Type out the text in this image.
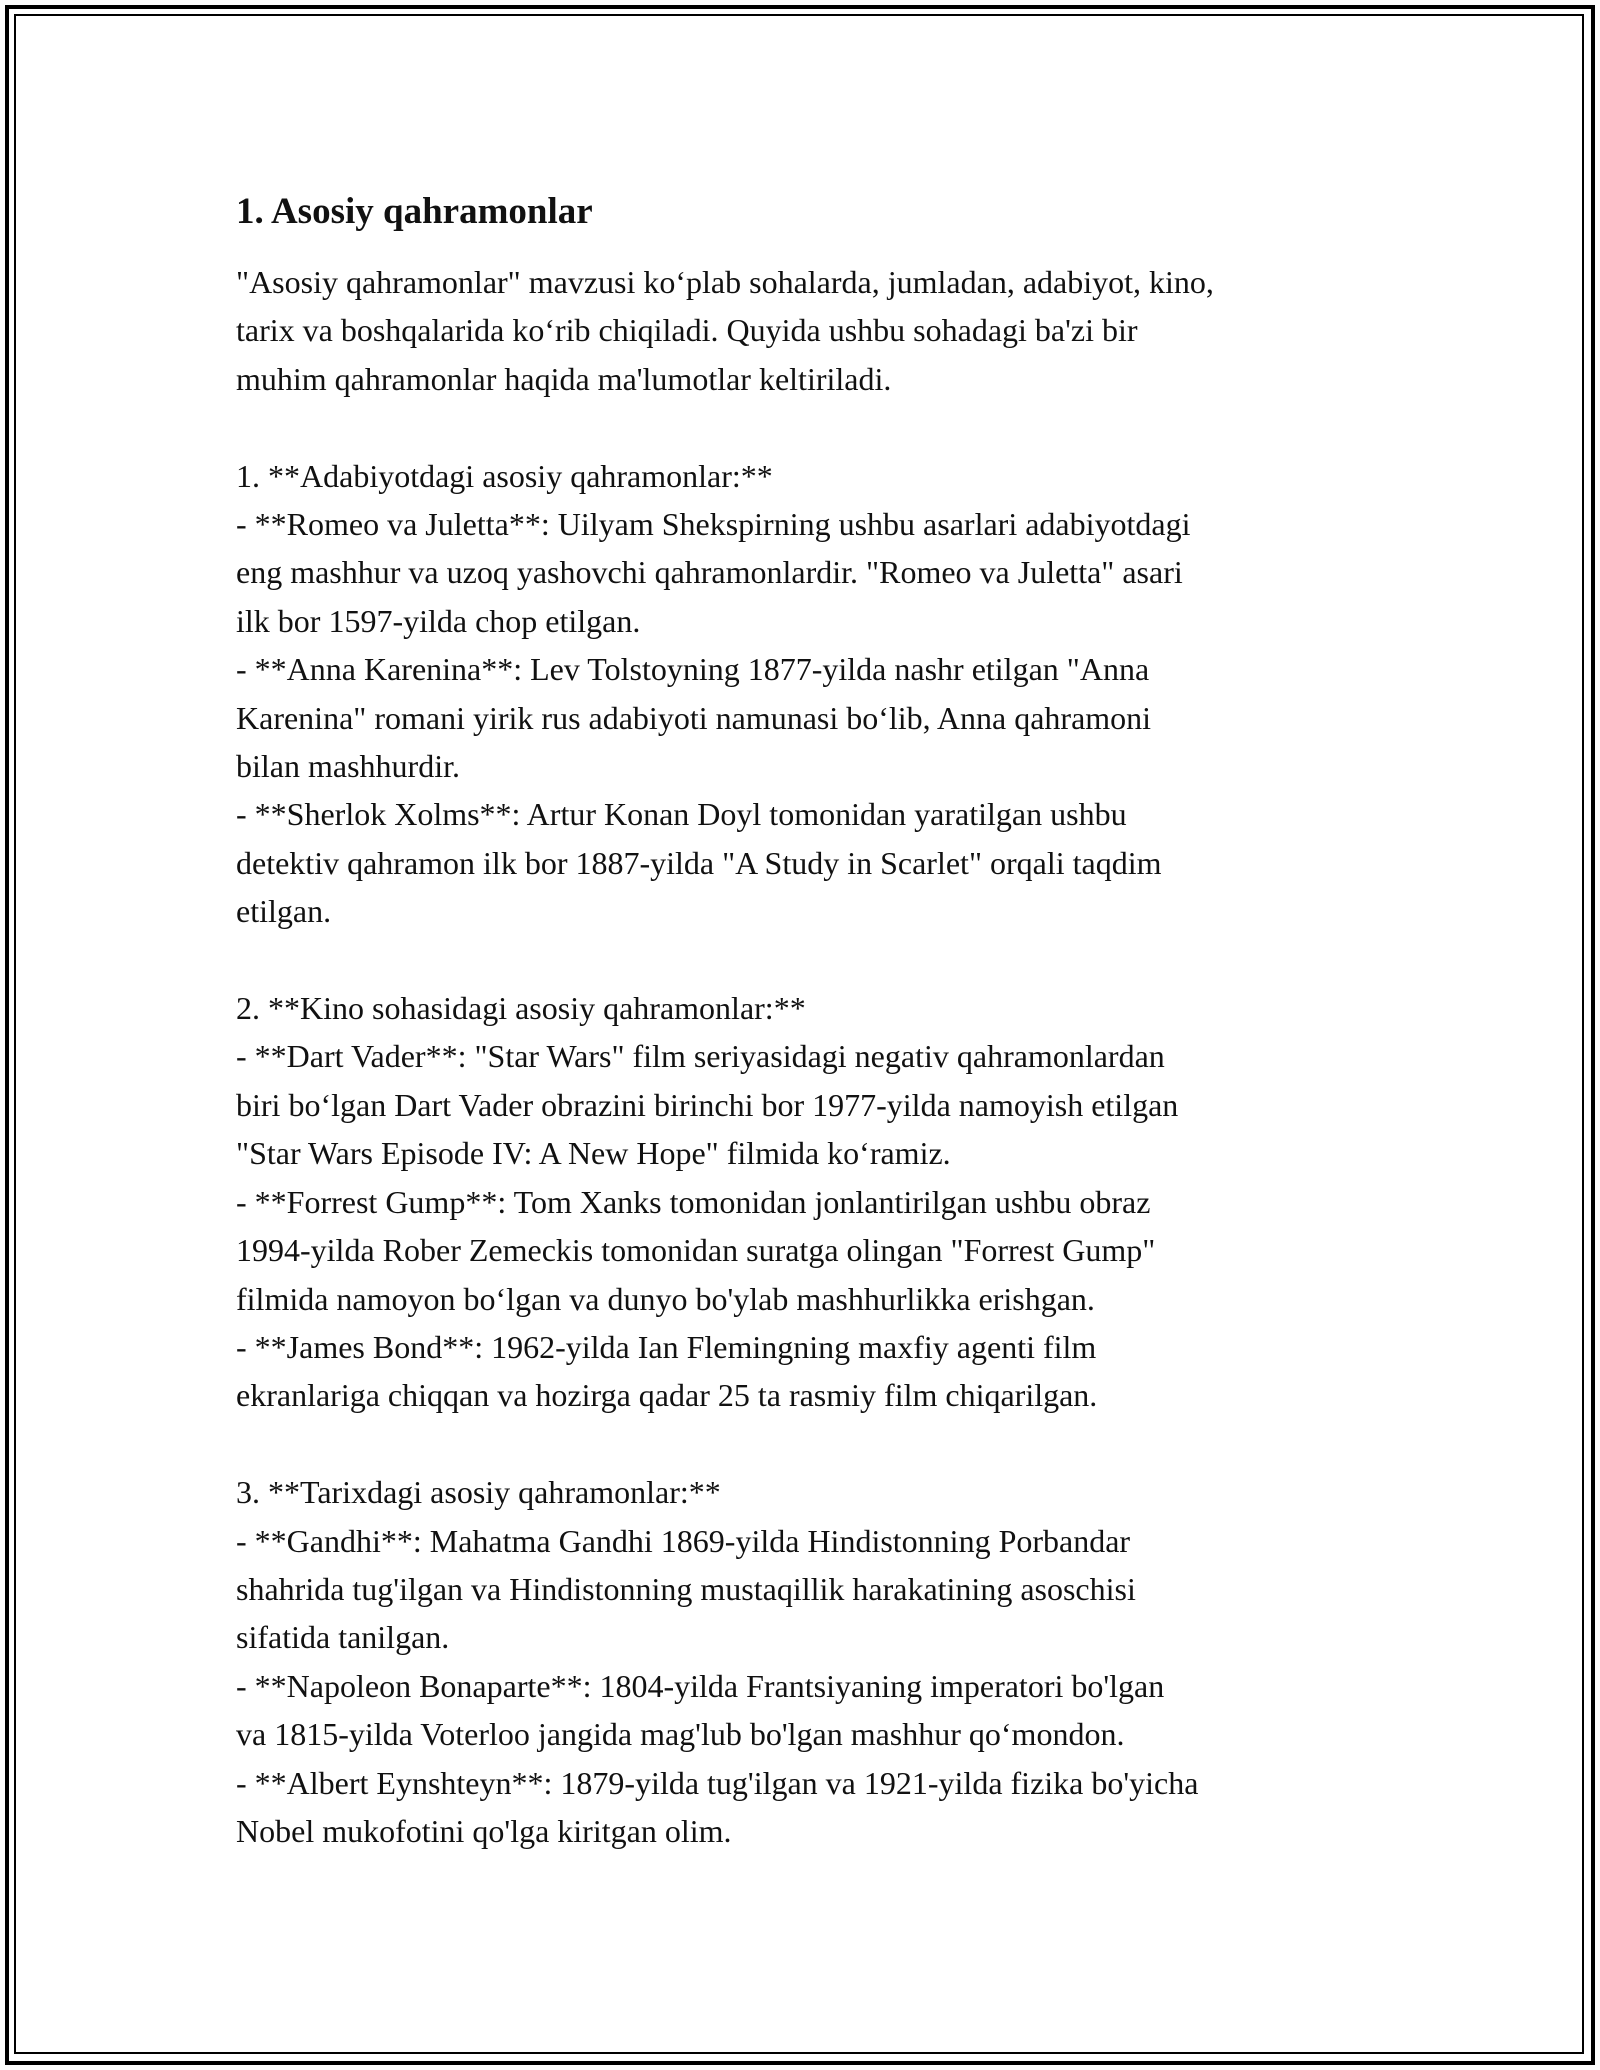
1. Asosiy qahramonlar

"Asosiy qahramonlar" mavzusi ko‘plab sohalarda, jumladan, adabiyot, kino,
tarix va boshqalarida ko‘rib chiqiladi. Quyida ushbu sohadagi ba'zi bir
muhim qahramonlar haqida ma'lumotlar keltiriladi.

1. **Adabiyotdagi asosiy qahramonlar:**

- **Romeo va Juletta**: Uilyam Shekspirning ushbu asarlari adabiyotdagi
eng mashhur va uzoq yashovchi qahramonlardir. "Romeo va Juletta" asari
ilk bor 1597-yilda chop etilgan.

- **Anna Karenina**: Lev Tolstoyning 1877-yilda nashr etilgan "Anna
Karenina" romani yirik rus adabiyoti namunasi bo‘lib, Anna qahramoni
bilan mashhurdir.

- **Sherlok Xolms**: Artur Konan Doyl tomonidan yaratilgan ushbu
detektiv qahramon ilk bor 1887-yilda "A Study in Scarlet" orqali taqdim
etilgan.

2. **Kino sohasidagi asosiy qahramonlar:**

- **Dart Vader**: "Star Wars" film seriyasidagi negativ qahramonlardan
biri bo‘lgan Dart Vader obrazini birinchi bor 1977-yilda namoyish etilgan
"Star Wars Episode IV: A New Hope" filmida ko‘ramiz.

- **Forrest Gump**: Tom Xanks tomonidan jonlantirilgan ushbu obraz
1994-yilda Rober Zemeckis tomonidan suratga olingan "Forrest Gump"
filmida namoyon bo‘lgan va dunyo bo'ylab mashhurlikka erishgan.

- **James Bond**: 1962-yilda Ian Flemingning maxfiy agenti film
ekranlariga chiqqan va hozirga qadar 25 ta rasmiy film chiqarilgan.

3. **Tarixdagi asosiy qahramonlar:**

- **Gandhi**: Mahatma Gandhi 1869-yilda Hindistonning Porbandar
shahrida tug'ilgan va Hindistonning mustaqillik harakatining asoschisi
sifatida tanilgan.

- **Napoleon Bonaparte**: 1804-yilda Frantsiyaning imperatori bo'lgan
va 1815-yilda Voterloo jangida mag'lub bo'lgan mashhur qo‘mondon.

- **Albert Eynshteyn**: 1879-yilda tug'ilgan va 1921-yilda fizika bo'yicha
Nobel mukofotini qo'lga kiritgan olim.
